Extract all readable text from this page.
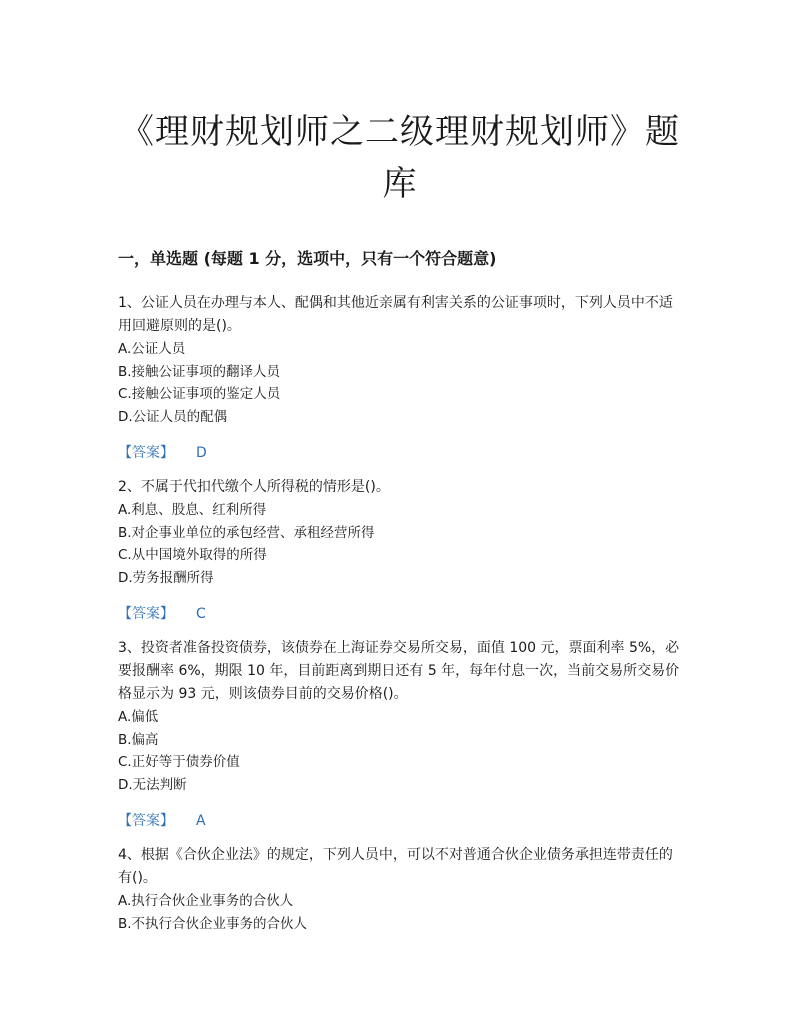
《理财规划师之二级理财规划师》题库
一，单选题 (每题 1 分，选项中，只有一个符合题意)

1、公证人员在办理与本人、配偶和其他近亲属有利害关系的公证事项时，下列人员中不适用回避原则的是()。

A.公证人员

B.接触公证事项的翻译人员

C.接触公证事项的鉴定人员

D.公证人员的配偶

【答案】 D

2、不属于代扣代缴个人所得税的情形是()。

A.利息、股息、红利所得

B.对企事业单位的承包经营、承租经营所得

C.从中国境外取得的所得

D.劳务报酬所得

【答案】 C

3、投资者准备投资债券，该债券在上海证券交易所交易，面值 100 元，票面利率 5%，必要报酬率 6%，期限 10 年，目前距离到期日还有 5 年，每年付息一次，当前交易所交易价格显示为 93 元，则该债券目前的交易价格()。

A.偏低

B.偏高

C.正好等于债券价值

D.无法判断

【答案】 A

4、根据《合伙企业法》的规定，下列人员中，可以不对普通合伙企业债务承担连带责任的有()。

A.执行合伙企业事务的合伙人

B.不执行合伙企业事务的合伙人
